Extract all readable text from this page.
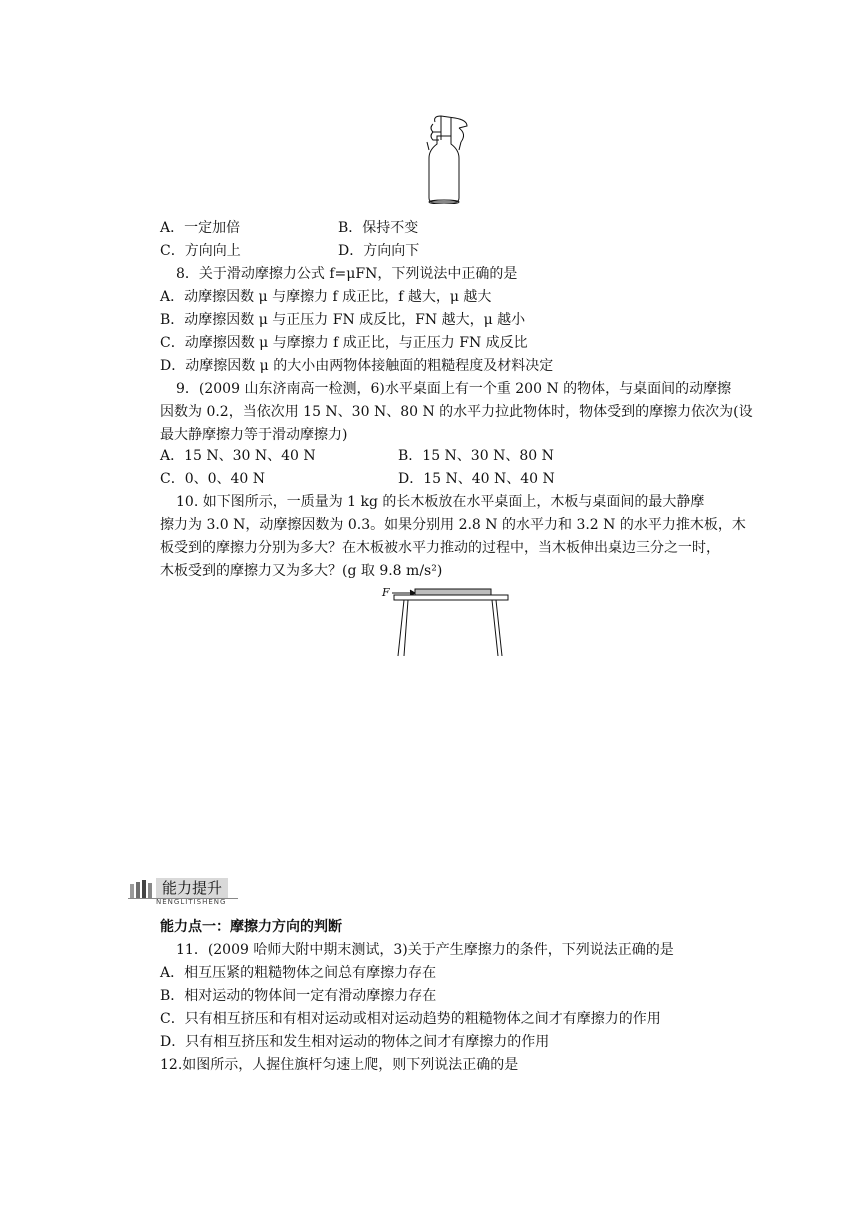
A．一定加倍	B．保持不变
C．方向向上	D．方向向下
8．关于滑动摩擦力公式 f=μFN，下列说法中正确的是
A．动摩擦因数 μ 与摩擦力 f 成正比，f 越大，μ 越大
B．动摩擦因数 μ 与正压力 FN 成反比，FN 越大，μ 越小
C．动摩擦因数 μ 与摩擦力 f 成正比，与正压力 FN 成反比
D．动摩擦因数 μ 的大小由两物体接触面的粗糙程度及材料决定
9．(2009 山东济南高一检测，6)水平桌面上有一个重 200 N 的物体，与桌面间的动摩擦
因数为 0.2，当依次用 15 N、30 N、80 N 的水平力拉此物体时，物体受到的摩擦力依次为(设
最大静摩擦力等于滑动摩擦力)
A．15 N、30 N、40 N	B．15 N、30 N、80 N
C．0、0、40 N	D．15 N、40 N、40 N
10. 如下图所示，一质量为 1 kg 的长木板放在水平桌面上，木板与桌面间的最大静摩
擦力为 3.0 N，动摩擦因数为 0.3。如果分别用 2.8 N 的水平力和 3.2 N 的水平力推木板，木
板受到的摩擦力分别为多大？在木板被水平力推动的过程中，当木板伸出桌边三分之一时，
木板受到的摩擦力又为多大？(g 取 9.8 m/s²)
F
能力提升
NENGLITISHENG
能力点一：摩擦力方向的判断
11．(2009 哈师大附中期末测试，3)关于产生摩擦力的条件，下列说法正确的是
A．相互压紧的粗糙物体之间总有摩擦力存在
B．相对运动的物体间一定有滑动摩擦力存在
C．只有相互挤压和有相对运动或相对运动趋势的粗糙物体之间才有摩擦力的作用
D．只有相互挤压和发生相对运动的物体之间才有摩擦力的作用
12.如图所示，人握住旗杆匀速上爬，则下列说法正确的是
